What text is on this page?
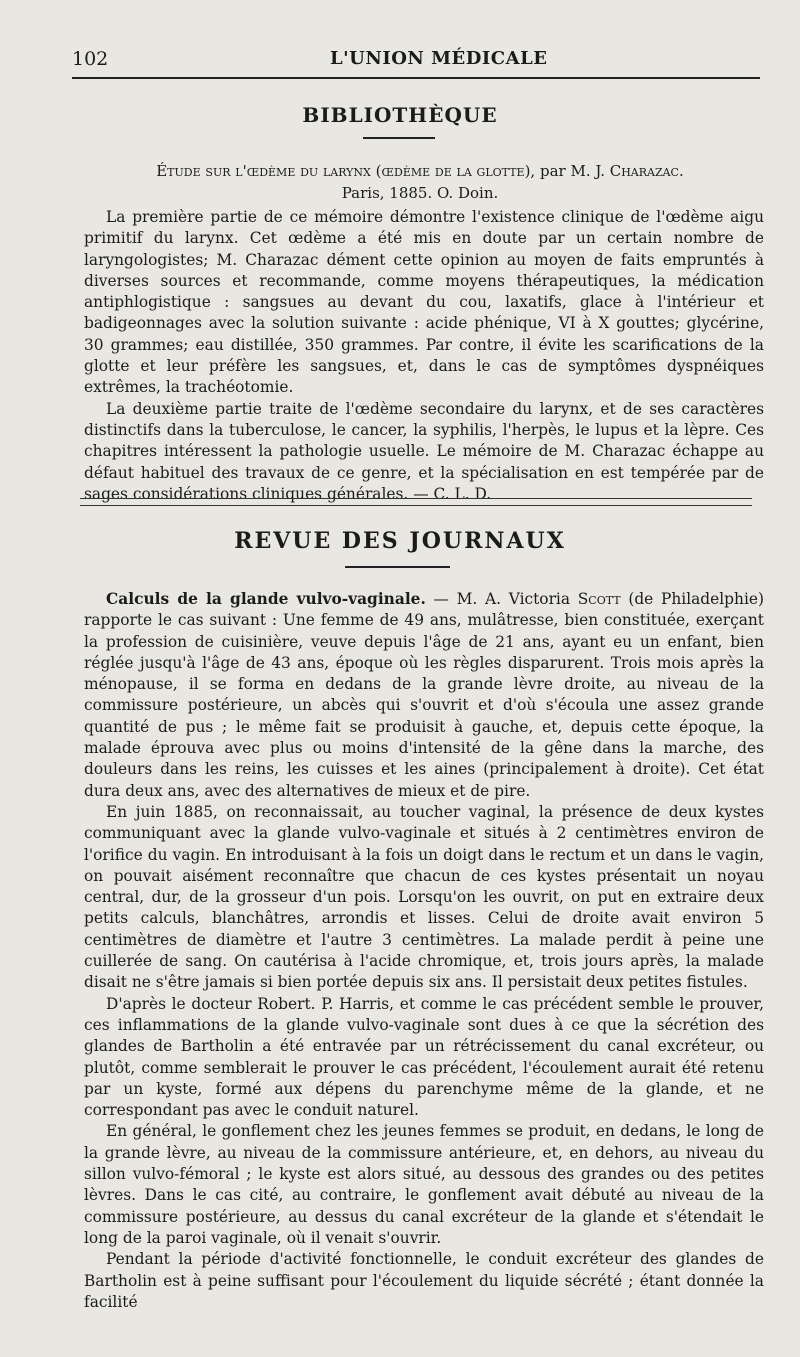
102	L'UNION MÉDICALE
BIBLIOTHÈQUE
Étude sur l'œdème du larynx (œdème de la glotte), par M. J. Charazac.
Paris, 1885. O. Doin.

La première partie de ce mémoire démontre l'existence clinique de l'œdème aigu primitif du larynx. Cet œdème a été mis en doute par un certain nombre de laryngologistes; M. Charazac dément cette opinion au moyen de faits empruntés à diverses sources et recommande, comme moyens thérapeutiques, la médication antiphlogistique : sangsues au devant du cou, laxatifs, glace à l'intérieur et badigeonnages avec la solution suivante : acide phénique, VI à X gouttes; glycérine, 30 grammes; eau distillée, 350 grammes. Par contre, il évite les scarifications de la glotte et leur préfère les sangsues, et, dans le cas de symptômes dyspnéiques extrêmes, la trachéotomie.

La deuxième partie traite de l'œdème secondaire du larynx, et de ses caractères distinctifs dans la tuberculose, le cancer, la syphilis, l'herpès, le lupus et la lèpre. Ces chapitres intéressent la pathologie usuelle. Le mémoire de M. Charazac échappe au défaut habituel des travaux de ce genre, et la spécialisation en est tempérée par de sages considérations cliniques générales. — C. L. D.

REVUE DES JOURNAUX

Calculs de la glande vulvo-vaginale. — M. A. Victoria Scott (de Philadelphie) rapporte le cas suivant : Une femme de 49 ans, mulâtresse, bien constituée, exerçant la profession de cuisinière, veuve depuis l'âge de 21 ans, ayant eu un enfant, bien réglée jusqu'à l'âge de 43 ans, époque où les règles disparurent. Trois mois après la ménopause, il se forma en dedans de la grande lèvre droite, au niveau de la commissure postérieure, un abcès qui s'ouvrit et d'où s'écoula une assez grande quantité de pus ; le même fait se produisit à gauche, et, depuis cette époque, la malade éprouva avec plus ou moins d'intensité de la gêne dans la marche, des douleurs dans les reins, les cuisses et les aines (principalement à droite). Cet état dura deux ans, avec des alternatives de mieux et de pire.

En juin 1885, on reconnaissait, au toucher vaginal, la présence de deux kystes communiquant avec la glande vulvo-vaginale et situés à 2 centimètres environ de l'orifice du vagin. En introduisant à la fois un doigt dans le rectum et un dans le vagin, on pouvait aisément reconnaître que chacun de ces kystes présentait un noyau central, dur, de la grosseur d'un pois. Lorsqu'on les ouvrit, on put en extraire deux petits calculs, blanchâtres, arrondis et lisses. Celui de droite avait environ 5 centimètres de diamètre et l'autre 3 centimètres. La malade perdit à peine une cuillerée de sang. On cautérisa à l'acide chromique, et, trois jours après, la malade disait ne s'être jamais si bien portée depuis six ans. Il persistait deux petites fistules.

D'après le docteur Robert. P. Harris, et comme le cas précédent semble le prouver, ces inflammations de la glande vulvo-vaginale sont dues à ce que la sécrétion des glandes de Bartholin a été entravée par un rétrécissement du canal excréteur, ou plutôt, comme semblerait le prouver le cas précédent, l'écoulement aurait été retenu par un kyste, formé aux dépens du parenchyme même de la glande, et ne correspondant pas avec le conduit naturel.

En général, le gonflement chez les jeunes femmes se produit, en dedans, le long de la grande lèvre, au niveau de la commissure antérieure, et, en dehors, au niveau du sillon vulvo-fémoral ; le kyste est alors situé, au dessous des grandes ou des petites lèvres. Dans le cas cité, au contraire, le gonflement avait débuté au niveau de la commissure postérieure, au dessus du canal excréteur de la glande et s'étendait le long de la paroi vaginale, où il venait s'ouvrir.

Pendant la période d'activité fonctionnelle, le conduit excréteur des glandes de Bartholin est à peine suffisant pour l'écoulement du liquide sécrété ; étant donnée la facilité
